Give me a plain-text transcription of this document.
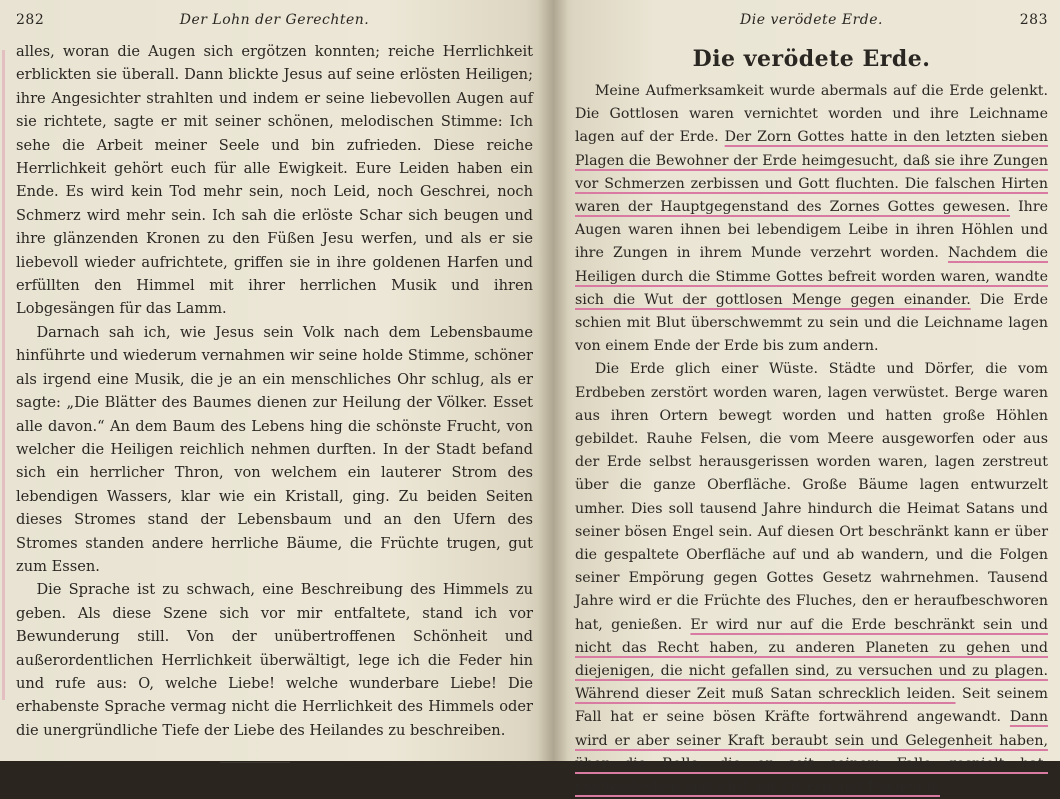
282	Der Lohn der Gerechten.

alles, woran die Augen sich ergötzen konnten; reiche Herrlichkeit erblickten sie überall. Dann blickte Jesus auf seine erlösten Heiligen; ihre Angesichter strahlten und indem er seine liebevollen Augen auf sie richtete, sagte er mit seiner schönen, melodischen Stimme: Ich sehe die Arbeit meiner Seele und bin zufrieden. Diese reiche Herrlichkeit gehört euch für alle Ewigkeit. Eure Leiden haben ein Ende. Es wird kein Tod mehr sein, noch Leid, noch Geschrei, noch Schmerz wird mehr sein. Ich sah die erlöste Schar sich beugen und ihre glänzenden Kronen zu den Füßen Jesu werfen, und als er sie liebevoll wieder aufrichtete, griffen sie in ihre goldenen Harfen und erfüllten den Himmel mit ihrer herrlichen Musik und ihren Lobgesängen für das Lamm.

Darnach sah ich, wie Jesus sein Volk nach dem Lebensbaume hinführte und wiederum vernahmen wir seine holde Stimme, schöner als irgend eine Musik, die je an ein menschliches Ohr schlug, als er sagte: „Die Blätter des Baumes dienen zur Heilung der Völker. Esset alle davon.“ An dem Baum des Lebens hing die schönste Frucht, von welcher die Heiligen reichlich nehmen durften. In der Stadt befand sich ein herrlicher Thron, von welchem ein lauterer Strom des lebendigen Wassers, klar wie ein Kristall, ging. Zu beiden Seiten dieses Stromes stand der Lebensbaum und an den Ufern des Stromes standen andere herrliche Bäume, die Früchte trugen, gut zum Essen.

Die Sprache ist zu schwach, eine Beschreibung des Himmels zu geben. Als diese Szene sich vor mir entfaltete, stand ich vor Bewunderung still. Von der unübertroffenen Schönheit und außerordentlichen Herrlichkeit überwältigt, lege ich die Feder hin und rufe aus: O, welche Liebe! welche wunderbare Liebe! Die erhabenste Sprache vermag nicht die Herrlichkeit des Himmels oder die unergründliche Tiefe der Liebe des Heilandes zu beschreiben.

Die verödete Erde.	283
Die verödete Erde.

Meine Aufmerksamkeit wurde abermals auf die Erde gelenkt. Die Gottlosen waren vernichtet worden und ihre Leichname lagen auf der Erde. Der Zorn Gottes hatte in den letzten sieben Plagen die Bewohner der Erde heimgesucht, daß sie ihre Zungen vor Schmerzen zerbissen und Gott fluchten. Die falschen Hirten waren der Hauptgegenstand des Zornes Gottes gewesen. Ihre Augen waren ihnen bei lebendigem Leibe in ihren Höhlen und ihre Zungen in ihrem Munde verzehrt worden. Nachdem die Heiligen durch die Stimme Gottes befreit worden waren, wandte sich die Wut der gottlosen Menge gegen einander. Die Erde schien mit Blut überschwemmt zu sein und die Leichname lagen von einem Ende der Erde bis zum andern.

Die Erde glich einer Wüste. Städte und Dörfer, die vom Erdbeben zerstört worden waren, lagen verwüstet. Berge waren aus ihren Ortern bewegt worden und hatten große Höhlen gebildet. Rauhe Felsen, die vom Meere ausgeworfen oder aus der Erde selbst herausgerissen worden waren, lagen zerstreut über die ganze Oberfläche. Große Bäume lagen entwurzelt umher. Dies soll tausend Jahre hindurch die Heimat Satans und seiner bösen Engel sein. Auf diesen Ort beschränkt kann er über die gespaltete Oberfläche auf und ab wandern, und die Folgen seiner Empörung gegen Gottes Gesetz wahrnehmen. Tausend Jahre wird er die Früchte des Fluches, den er heraufbeschworen hat, genießen. Er wird nur auf die Erde beschränkt sein und nicht das Recht haben, zu anderen Planeten zu gehen und diejenigen, die nicht gefallen sind, zu versuchen und zu plagen. Während dieser Zeit muß Satan schrecklich leiden. Seit seinem Fall hat er seine bösen Kräfte fortwährend angewandt. Dann wird er aber seiner Kraft beraubt sein und Gelegenheit haben, über die Rolle, die er seit seinem Falle gespielt hat, nachzudenken und wird mit Zittern und Bangen in
